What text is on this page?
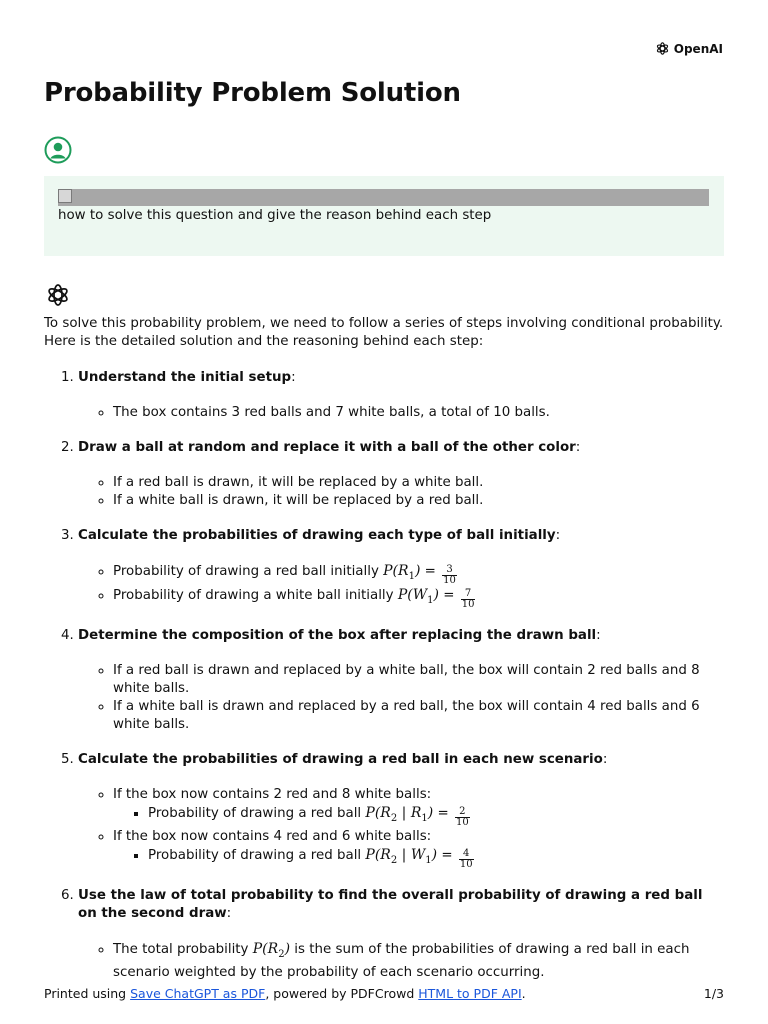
OpenAI
Probability Problem Solution
how to solve this question and give the reason behind each step

To solve this probability problem, we need to follow a series of steps involving conditional probability. Here is the detailed solution and the reasoning behind each step:

1. Understand the initial setup:
◦ The box contains 3 red balls and 7 white balls, a total of 10 balls.
2. Draw a ball at random and replace it with a ball of the other color:
◦ If a red ball is drawn, it will be replaced by a white ball.
◦ If a white ball is drawn, it will be replaced by a red ball.
3. Calculate the probabilities of drawing each type of ball initially:
◦ Probability of drawing a red ball initially $P(R_1) = \frac{3}{10}$
◦ Probability of drawing a white ball initially $P(W_1) = \frac{7}{10}$
4. Determine the composition of the box after replacing the drawn ball:
◦ If a red ball is drawn and replaced by a white ball, the box will contain 2 red balls and 8 white balls.
◦ If a white ball is drawn and replaced by a red ball, the box will contain 4 red balls and 6 white balls.
5. Calculate the probabilities of drawing a red ball in each new scenario:
◦ If the box now contains 2 red and 8 white balls:
▪ Probability of drawing a red ball $P(R_2$ | $R_1) = \frac{2}{10}$
◦ If the box now contains 4 red and 6 white balls:
▪ Probability of drawing a red ball $P(R_2$ | $W_1) = \frac{4}{10}$
6. Use the law of total probability to find the overall probability of drawing a red ball on the second draw:
◦ The total probability $P(R_2)$ is the sum of the probabilities of drawing a red ball in each scenario weighted by the probability of each scenario occurring.
Printed using Save ChatGPT as PDF, powered by PDFCrowd HTML to PDF API.	1/3
